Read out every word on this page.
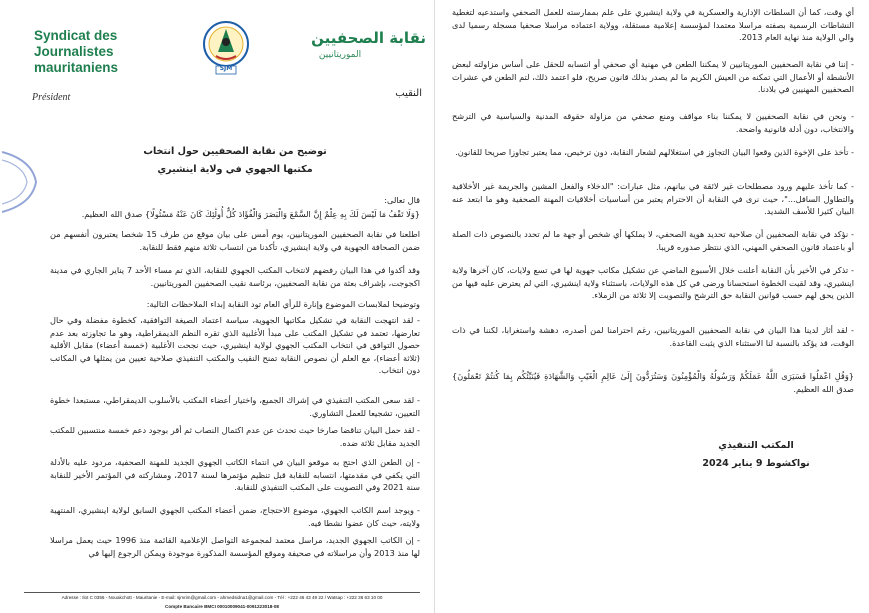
Syndicat des Journalistes mauritaniens	SJM
نقابة الصحفيين
الموريتانيين
Président	النقيب
توضيح من نقابة الصحفيين حول انتخاب
مكتبها الجهوي في ولاية اينشيري

قال تعالى:

{وَلَا تَقْفُ مَا لَيْسَ لَكَ بِهِ عِلْمٌ إِنَّ السَّمْعَ وَالْبَصَرَ وَالْفُؤَادَ كُلُّ أُولَٰئِكَ كَانَ عَنْهُ مَسْئُولًا} صدق الله العظيم.

اطلعنا في نقابة الصحفيين الموريتانيين، يوم أمس على بيان موقع من طرف 15 شخصا يعتبرون أنفسهم من ضمن الصحافة الجهوية في ولاية اينشيري، تأكدنا من انتساب ثلاثة منهم فقط للنقابة.

وقد أكدوا في هذا البيان رفضهم لانتخاب المكتب الجهوي للنقابة، الذي تم مساء الأحد 7 يناير الجاري في مدينة اكجوجت، بإشراف بعثة من نقابة الصحفيين، برئاسة نقيب الصحفيين الموريتانيين.

وتوضيحا لملابسات الموضوع وإنارة للرأي العام تود النقابة إبداء الملاحظات التالية:

- لقد انتهجت النقابة في تشكيل مكاتبها الجهوية، سياسة اعتماد الصيغة التوافقية، كخطوة مفضلة وفي حال تعارضها، تعتمد في تشكيل المكتب على مبدأ الأغلبية الذي تقره النظم الديمقراطية، وهو ما تجاوزته بعد عدم حصول التوافق في انتخاب المكتب الجهوي لولاية اينشيري، حيث نجحت الأغلبية (خمسة أعضاء) مقابل الأقلية (ثلاثة أعضاء)، مع العلم أن نصوص النقابة تمنح النقيب والمكتب التنفيذي صلاحية تعيين من يمثلها في المكاتب دون انتخاب.

- لقد سعى المكتب التنفيذي في إشراك الجميع، واختيار أعضاء المكتب بالأسلوب الديمقراطي، مستبعدا خطوة التعيين، تشجيعا للعمل التشاوري.

- لقد حمل البيان تناقضا صارخا حيث تحدث عن عدم اكتمال النصاب ثم أقر بوجود دعم خمسة منتسبين للمكتب الجديد مقابل ثلاثة ضده.

- إن الطعن الذي احتج به موقعو البيان في انتماء الكاتب الجهوي الجديد للمهنة الصحفية، مردود عليه بالأدلة التي يكفي في مقدمتها، انتسابه للنقابة قبل تنظيم مؤتمرها لسنة 2017، ومشاركته في المؤتمر الأخير للنقابة سنة 2021 وفي التصويت على المكتب التنفيذي للنقابة.

- ويوجد اسم الكاتب الجهوي، موضوع الاحتجاج، ضمن أعضاء المكتب الجهوي السابق لولاية اينشيري، المنتهية ولايته، حيث كان عضوا نشطا فيه.

- إن الكاتب الجهوي الجديد، مراسل معتمد لمجموعة التواصل الإعلامية القائمة منذ 1996 حيث يعمل مراسلا لها منذ 2013 وأن مراسلاته في صحيفة وموقع المؤسسة المذكورة موجودة ويمكن الرجوع إليها في

Adresse : Ilot C 0356 - Nouakchott - Mauritanie - E-mail: sjmrim@gmail.com - ahmedsidna1@gmail.com - Tél : +222 46 43 49 22 / Watsap : +222 36 63 10 00
Compte Bancaire BMCI 00010009041-0091223018-08

أي وقت، كما أن السلطات الإدارية والعسكرية في ولاية اينشيري على علم بممارسته للعمل الصحفي واستدعيه لتغطية النشاطات الرسمية بصفته مراسلا معتمدا لمؤسسة إعلامية مستقلة، وولاية اعتماده مراسلا صحفيا مسجلة رسميا لدى والي الولاية منذ نهاية العام 2013.

- إننا في نقابة الصحفيين الموريتانيين لا يمكننا الطعن في مهنية أي صحفي أو انتسابه للحقل على أساس مزاولته لبعض الأنشطة أو الأعمال التي تمكنه من العيش الكريم ما لم يصدر بذلك قانون صريح، فلو اعتمد ذلك، لتم الطعن في عشرات الصحفيين المهنيين في بلادنا.

- ونحن في نقابة الصحفيين لا يمكننا بناء مواقف ومنع صحفي من مزاولة حقوقه المدنية والسياسية في الترشح والانتخاب، دون أدلة قانونية واضحة.

- تأخذ على الإخوة الذين وقعوا البيان التجاوز في استغلالهم لشعار النقابة، دون ترخيص، مما يعتبر تجاوزا صريحا للقانون.

- كما تأخذ عليهم ورود مصطلحات غير لائقة في بيانهم، مثل عبارات: "الدخلاء والفعل المشين والجريمة غير الأخلاقية والتطاول السافل..."، حيث نرى في النقابة أن الاحترام يعتبر من أساسيات أخلاقيات المهنة الصحفية وهو ما ابتعد عنه البيان كثيرا للأسف الشديد.

- نؤكد في نقابة الصحفيين أن صلاحية تحديد هوية الصحفي، لا يملكها أي شخص أو جهة ما لم تحدد بالنصوص ذات الصلة أو باعتماد قانون الصحفي المهني، الذي ننتظر صدوره قريبا.

- تذكر في الأخير بأن النقابة أعلنت خلال الأسبوع الماضي عن تشكيل مكاتب جهوية لها في تسع ولايات، كان آخرها ولاية اينشيري، وقد لقيت الخطوة استحسانا ورضى في كل هذه الولايات، باستثناء ولاية اينشيري، التي لم يعترض عليه فيها من الذين يحق لهم حسب قوانين النقابة حق الترشح والتصويت إلا ثلاثة من الزملاء.

- لقد أثار لدينا هذا البيان في نقابة الصحفيين الموريتانيين، رغم احترامنا لمن أصدره، دهشة واستغرابا، لكننا في ذات الوقت، قد يؤكد بالنسبة لنا الاستثناء الذي يثبت القاعدة.

{وَقُلِ اعْمَلُوا فَسَيَرَى اللَّهُ عَمَلَكُمْ وَرَسُولُهُ وَالْمُؤْمِنُونَ وَسَتُرَدُّونَ إِلَىٰ عَالِمِ الْغَيْبِ وَالشَّهَادَةِ فَيُنَبِّئُكُم بِمَا كُنتُمْ تَعْمَلُونَ} صدق الله العظيم.

المكتب التنفيذي
نواكشوط 9 يناير 2024
